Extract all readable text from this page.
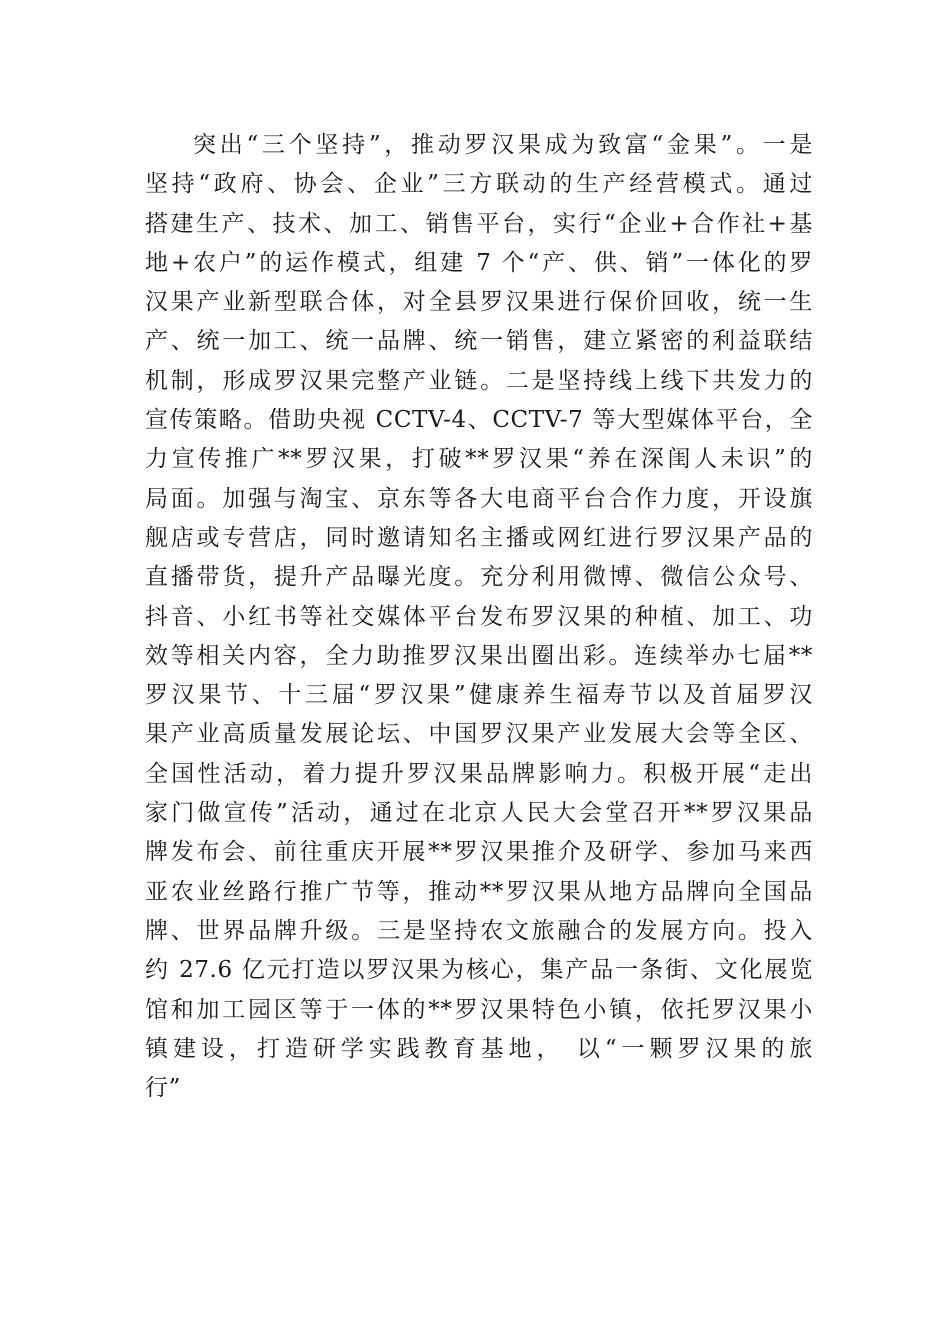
突出“三个坚持”，推动罗汉果成为致富“金果”。一是
坚持“政府、协会、企业”三方联动的生产经营模式。通过
搭建生产、技术、加工、销售平台，实行“企业+合作社+基
地+农户”的运作模式，组建 7 个“产、供、销”一体化的罗
汉果产业新型联合体，对全县罗汉果进行保价回收，统一生
产、统一加工、统一品牌、统一销售，建立紧密的利益联结
机制，形成罗汉果完整产业链。二是坚持线上线下共发力的
宣传策略。借助央视 CCTV-4、CCTV-7 等大型媒体平台，全
力宣传推广**罗汉果，打破**罗汉果“养在深闺人未识”的
局面。加强与淘宝、京东等各大电商平台合作力度，开设旗
舰店或专营店，同时邀请知名主播或网红进行罗汉果产品的
直播带货，提升产品曝光度。充分利用微博、微信公众号、
抖音、小红书等社交媒体平台发布罗汉果的种植、加工、功
效等相关内容，全力助推罗汉果出圈出彩。连续举办七届**
罗汉果节、十三届“罗汉果”健康养生福寿节以及首届罗汉
果产业高质量发展论坛、中国罗汉果产业发展大会等全区、
全国性活动，着力提升罗汉果品牌影响力。积极开展“走出
家门做宣传”活动，通过在北京人民大会堂召开**罗汉果品
牌发布会、前往重庆开展**罗汉果推介及研学、参加马来西
亚农业丝路行推广节等，推动**罗汉果从地方品牌向全国品
牌、世界品牌升级。三是坚持农文旅融合的发展方向。投入
约 27.6 亿元打造以罗汉果为核心，集产品一条街、文化展览
馆和加工园区等于一体的**罗汉果特色小镇，依托罗汉果小
镇建设，打造研学实践教育基地， 以“一颗罗汉果的旅
行”
